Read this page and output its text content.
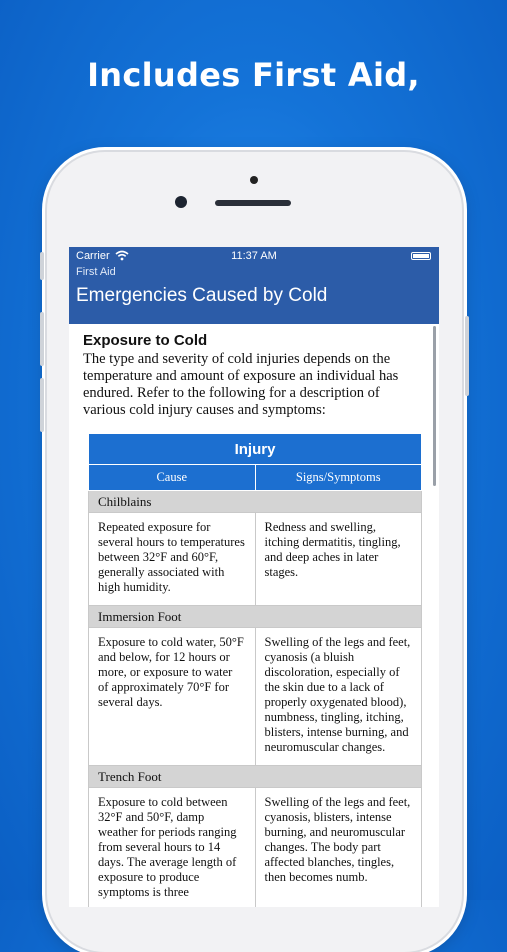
Includes First Aid,
Carrier	11:37 AM
First Aid
Emergencies Caused by Cold
Exposure to Cold

The type and severity of cold injuries depends on the temperature and amount of exposure an individual has endured. Refer to the following for a description of various cold injury causes and symptoms:

Injury	
Cause	Signs/Symptoms
Chilblains	
Repeated exposure for several hours to temperatures between 32°F and 60°F, generally associated with high humidity.	Redness and swelling, itching dermatitis, tingling, and deep aches in later stages.
Immersion Foot	
Exposure to cold water, 50°F and below, for 12 hours or more, or exposure to water of approximately 70°F for several days.	Swelling of the legs and feet, cyanosis (a bluish discoloration, especially of the skin due to a lack of properly oxygenated blood), numbness, tingling, itching, blisters, intense burning, and neuromuscular changes.
Trench Foot	
Exposure to cold between 32°F and 50°F, damp weather for periods ranging from several hours to 14 days. The average length of exposure to produce symptoms is three	Swelling of the legs and feet, cyanosis, blisters, intense burning, and neuromuscular changes. The body part affected blanches, tingles, then becomes numb.
